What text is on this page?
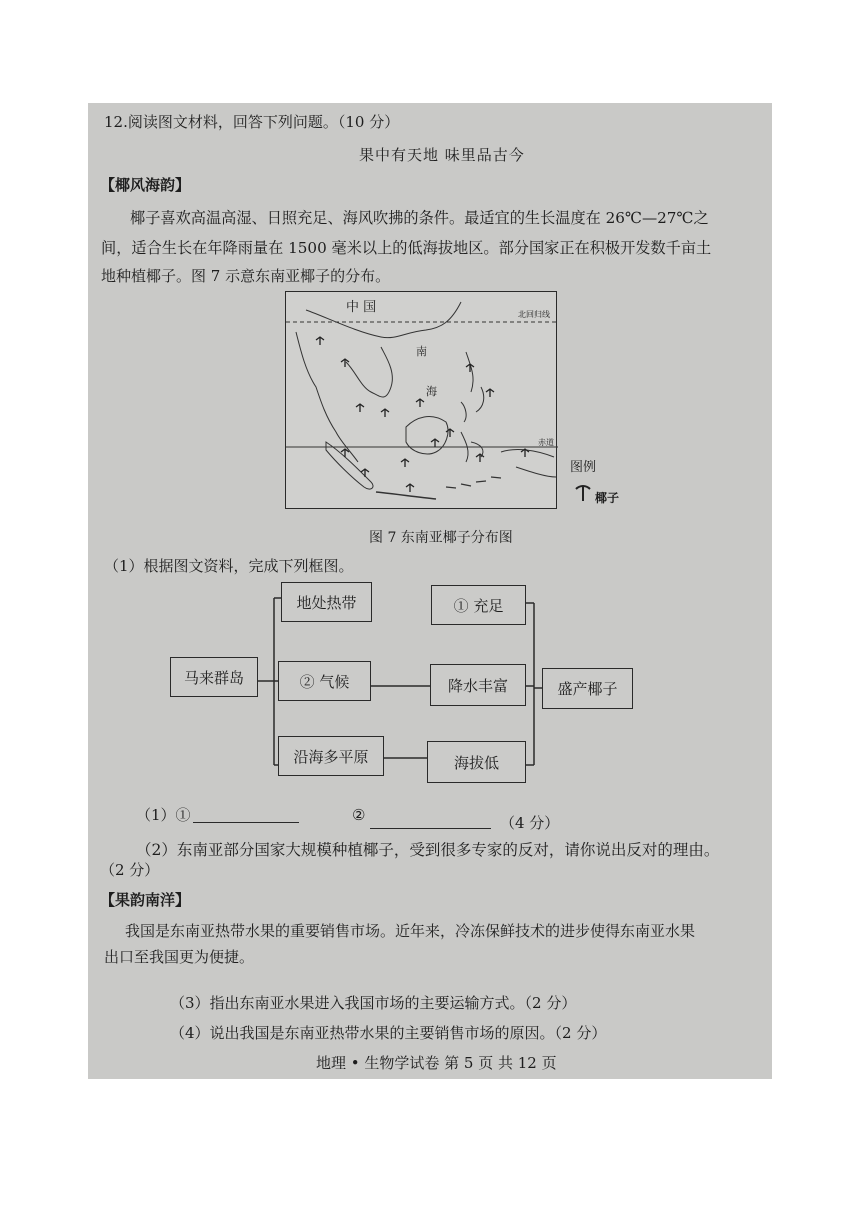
12.阅读图文材料，回答下列问题。（10 分）
果中有天地 味里品古今
【椰风海韵】
椰子喜欢高温高湿、日照充足、海风吹拂的条件。最适宜的生长温度在 26℃—27℃之
间，适合生长在年降雨量在 1500 毫米以上的低海拔地区。部分国家正在积极开发数千亩土
地种植椰子。图 7 示意东南亚椰子的分布。
中 国	北回归线
南
海
赤道
图例
椰子
图 7 东南亚椰子分布图
（1）根据图文资料，完成下列框图。
马来群岛
地处热带
② 气候
沿海多平原
① 充足
降水丰富
海拔低
盛产椰子
（1）①	②	（4 分）
（2）东南亚部分国家大规模种植椰子，受到很多专家的反对，请你说出反对的理由。
（2 分）
【果韵南洋】
我国是东南亚热带水果的重要销售市场。近年来，冷冻保鲜技术的进步使得东南亚水果
出口至我国更为便捷。
（3）指出东南亚水果进入我国市场的主要运输方式。（2 分）
（4）说出我国是东南亚热带水果的主要销售市场的原因。（2 分）
地理 • 生物学试卷 第 5 页 共 12 页
